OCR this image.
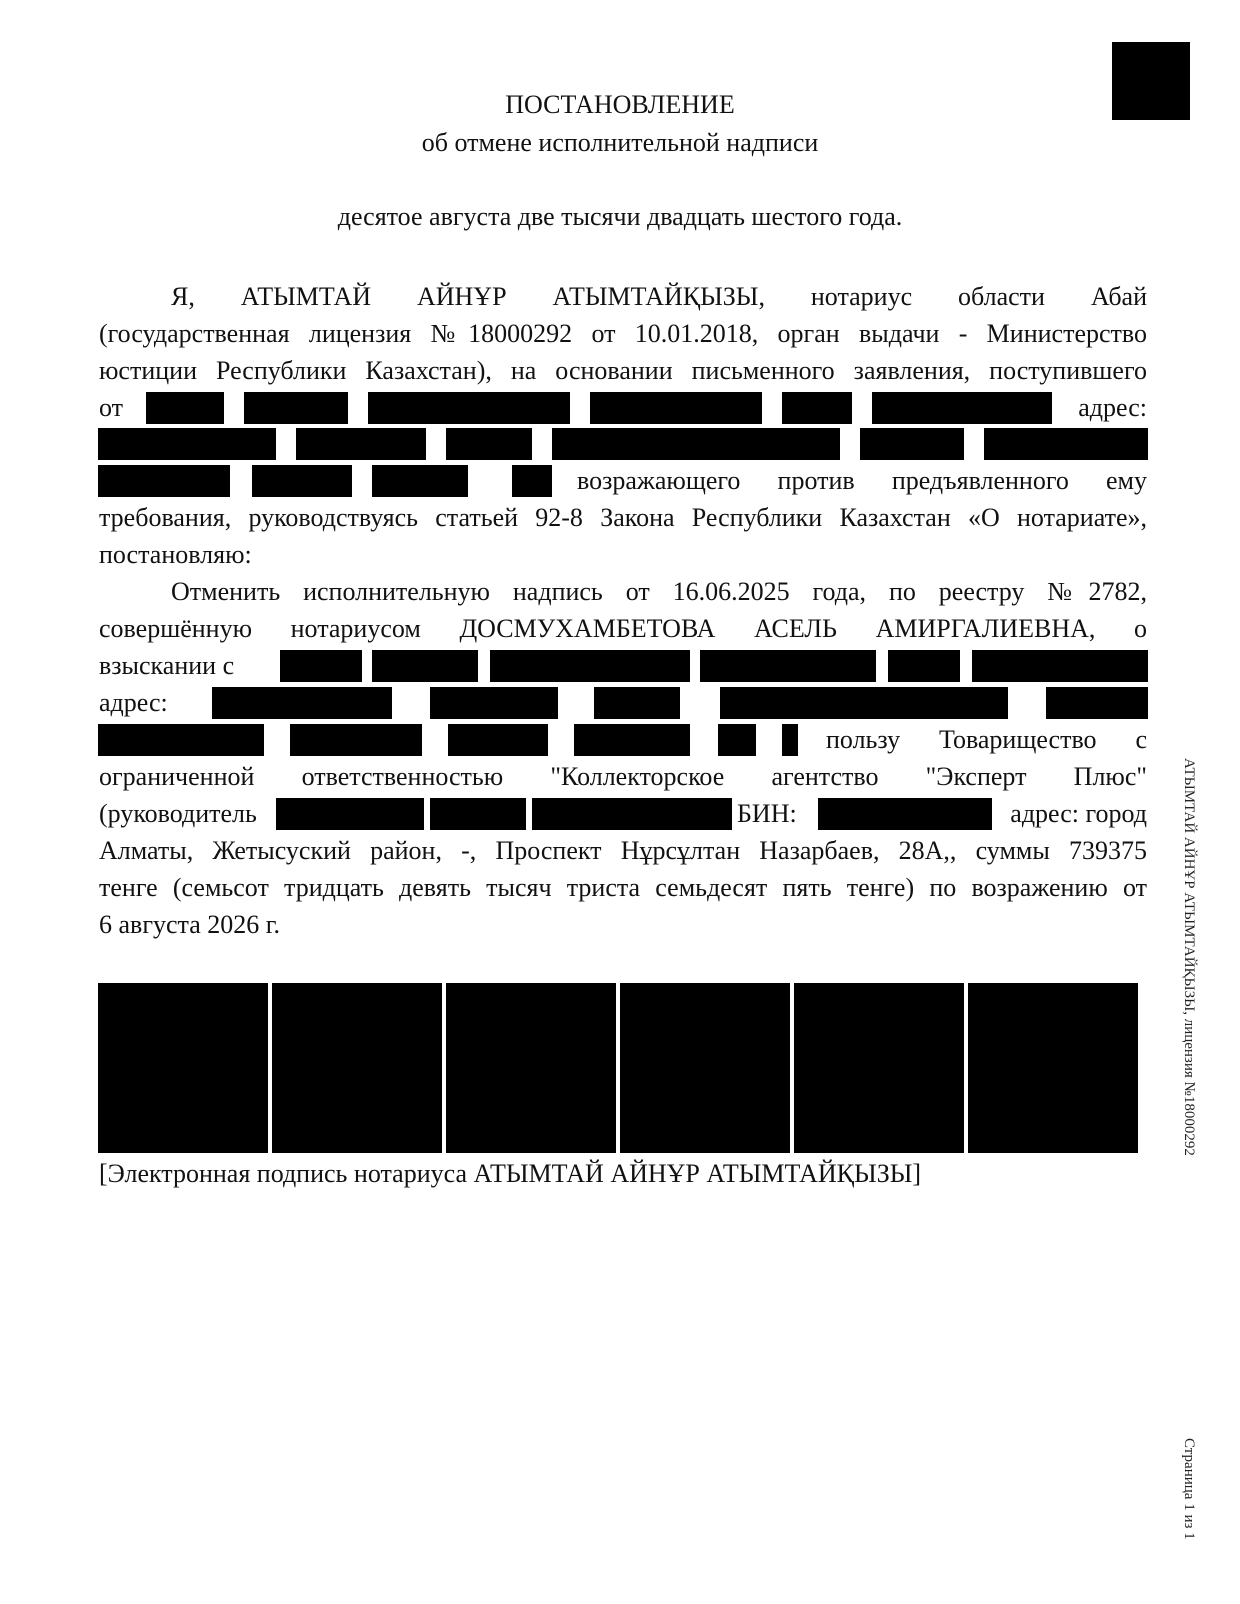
ПОСТАНОВЛЕНИЕ
об отмене исполнительной надписи
десятое августа две тысячи двадцать шестого года.
Я, АТЫМТАЙ АЙНҰР АТЫМТАЙҚЫЗЫ, нотариус области Абай
(государственная лицензия №18000292 от 10.01.2018, орган выдачи - Министерство
юстиции Республики Казахстан), на основании письменного заявления, поступившего
от	адрес:
возражающего против предъявленного ему
требования, руководствуясь статьей 92-8 Закона Республики Казахстан «О нотариате»,
постановляю:
Отменить исполнительную надпись от 16.06.2025 года, по реестру №2782,
совершённую нотариусом ДОСМУХАМБЕТОВА АСЕЛЬ АМИРГАЛИЕВНА, о
взыскании с
адрес:
пользу Товарищество с
ограниченной ответственностью "Коллекторское агентство "Эксперт Плюс"
(руководитель	БИН:	адрес: город
Алматы, Жетысуский район, -, Проспект Нұрсұлтан Назарбаев, 28А,, суммы 739375
тенге (семьсот тридцать девять тысяч триста семьдесят пять тенге) по возражению от
6 августа 2026 г.
[Электронная подпись нотариуса АТЫМТАЙ АЙНҰР АТЫМТАЙҚЫЗЫ]
АТЫМТАЙ АЙНҰР АТЫМТАЙҚЫЗЫ, лицензия №18000292
Страница 1 из 1
